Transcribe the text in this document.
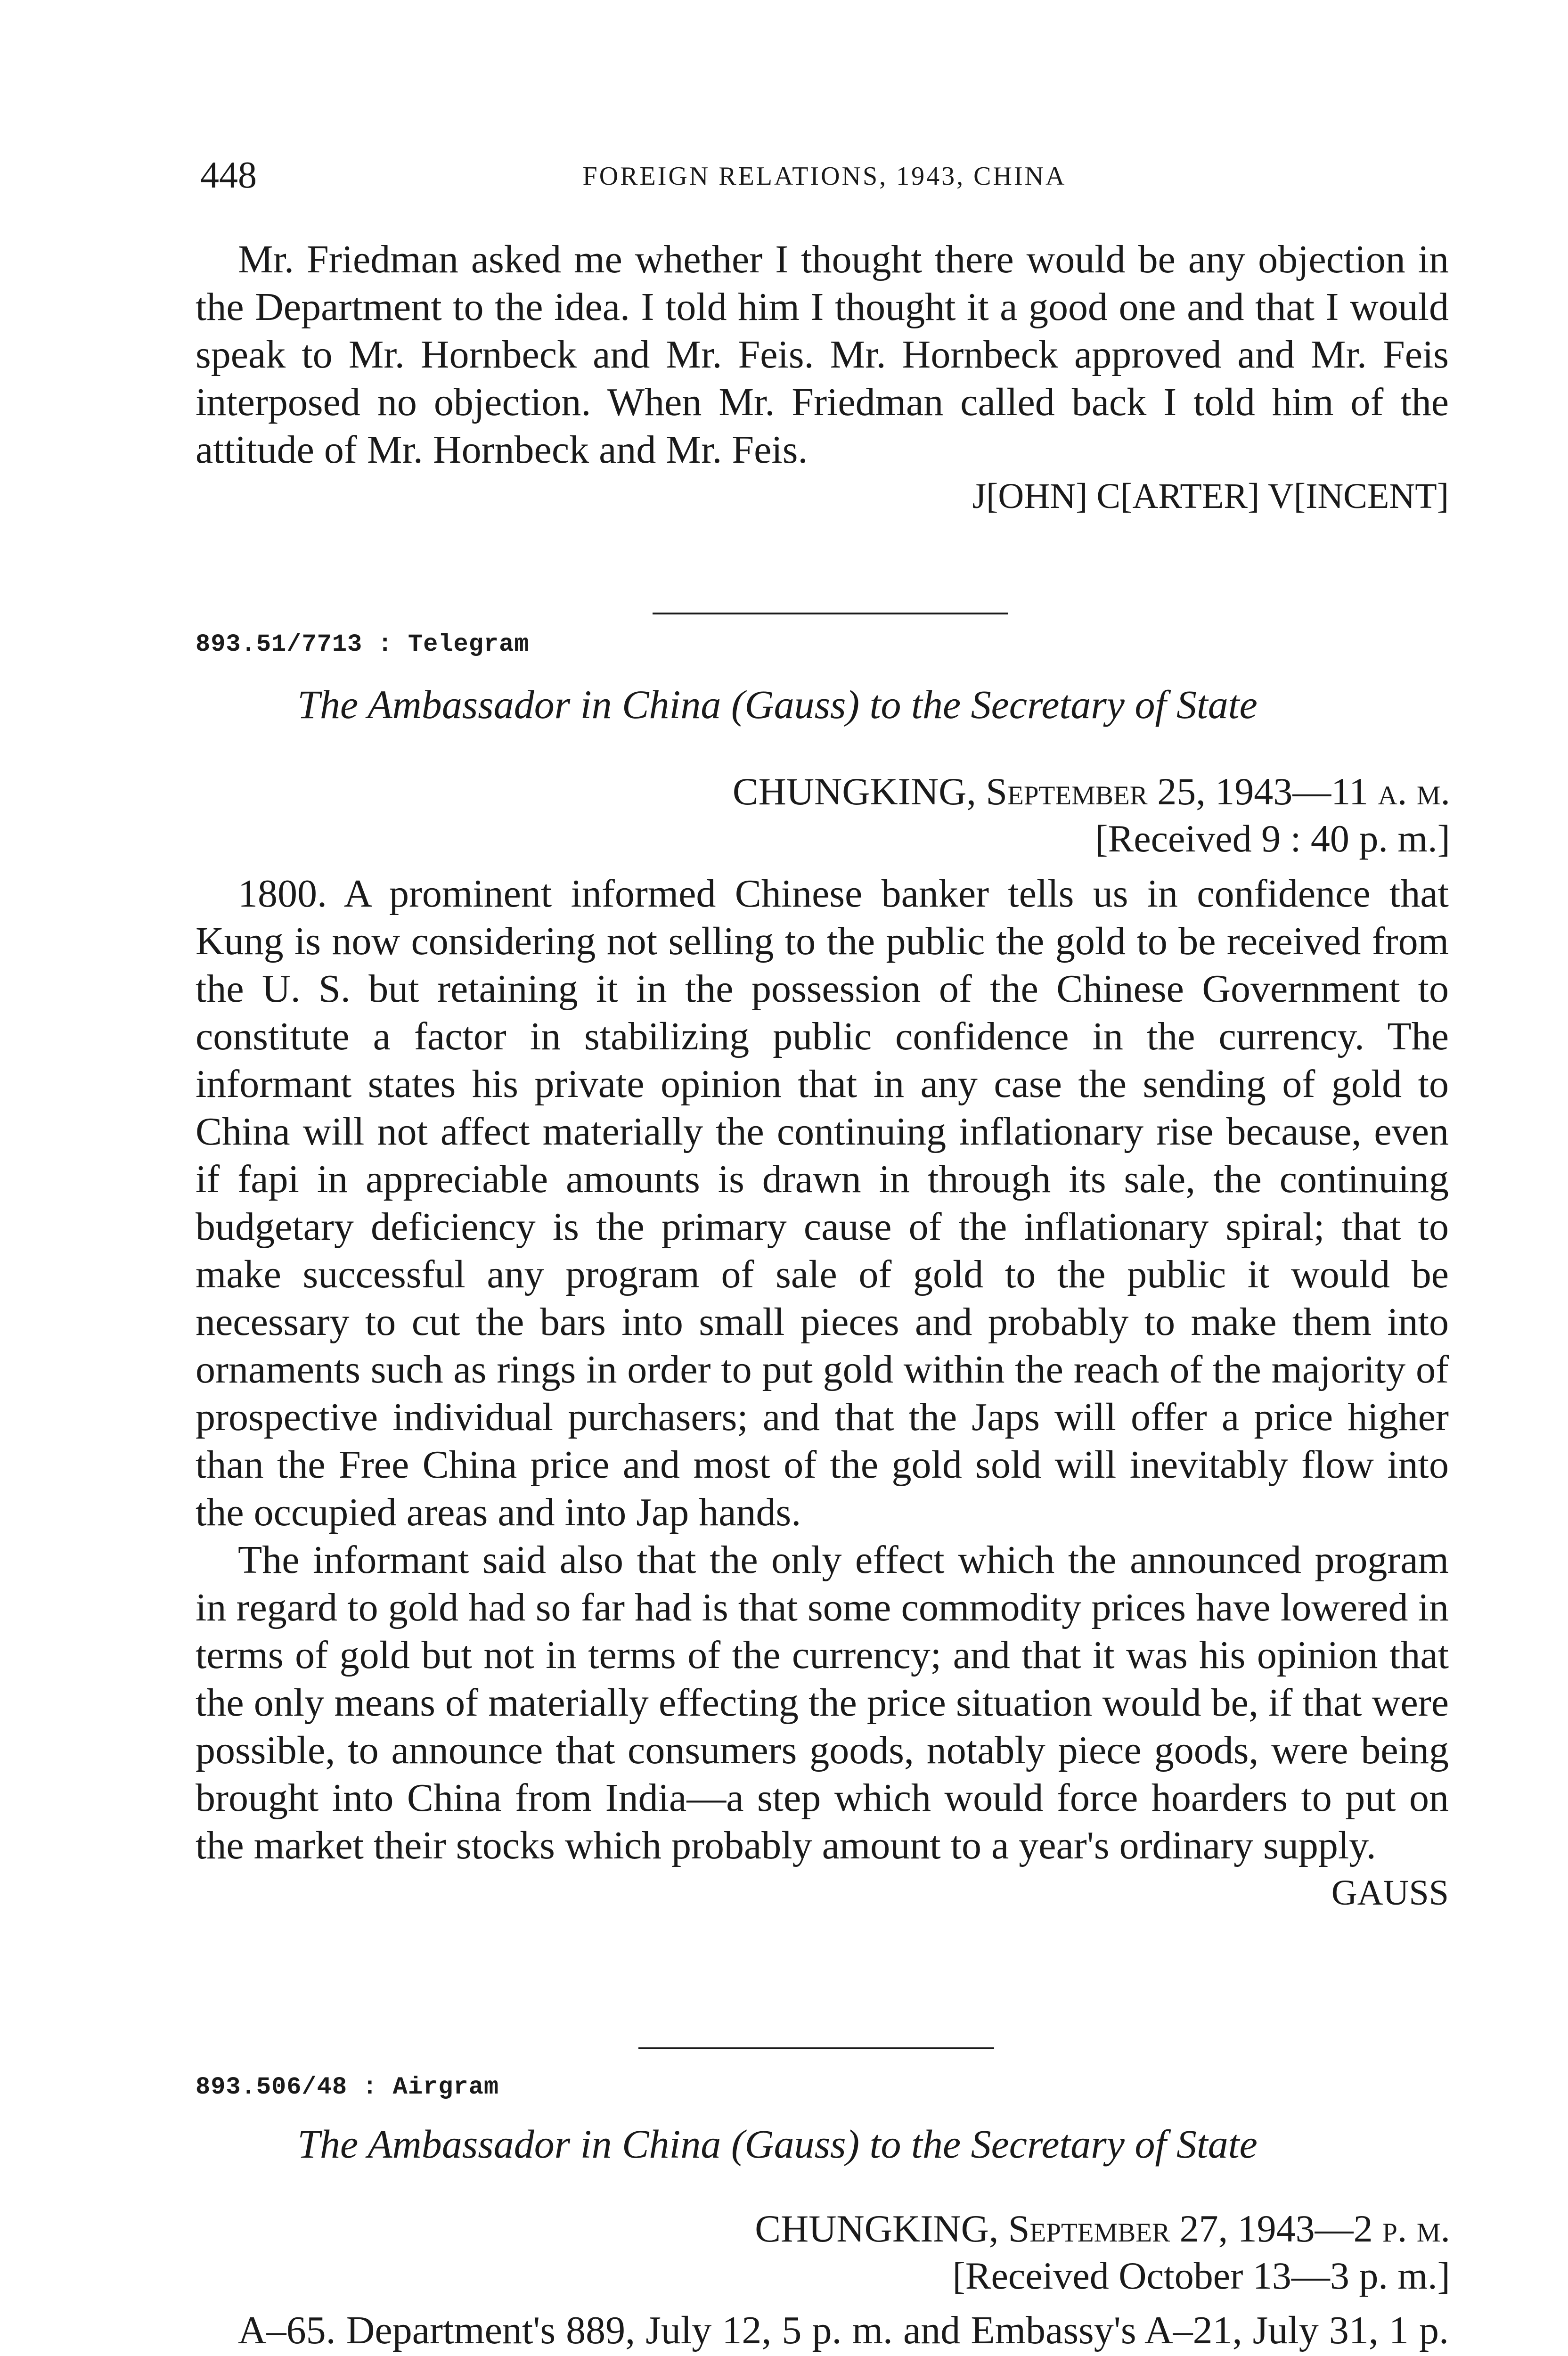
448	FOREIGN RELATIONS, 1943, CHINA

Mr. Friedman asked me whether I thought there would be any objection in the Department to the idea. I told him I thought it a good one and that I would speak to Mr. Hornbeck and Mr. Feis. Mr. Hornbeck approved and Mr. Feis interposed no objection. When Mr. Friedman called back I told him of the attitude of Mr. Hornbeck and Mr. Feis.

J[OHN] C[ARTER] V[INCENT]
893.51/7713 : Telegram
The Ambassador in China (Gauss) to the Secretary of State
CHUNGKING, September 25, 1943—11 a. m.
[Received 9 : 40 p. m.]

1800. A prominent informed Chinese banker tells us in confidence that Kung is now considering not selling to the public the gold to be received from the U. S. but retaining it in the possession of the Chinese Government to constitute a factor in stabilizing public confidence in the currency. The informant states his private opinion that in any case the sending of gold to China will not affect materially the continuing inflationary rise because, even if fapi in appreciable amounts is drawn in through its sale, the continuing budgetary deficiency is the primary cause of the inflationary spiral; that to make successful any program of sale of gold to the public it would be necessary to cut the bars into small pieces and probably to make them into ornaments such as rings in order to put gold within the reach of the majority of prospective individual purchasers; and that the Japs will offer a price higher than the Free China price and most of the gold sold will inevitably flow into the occupied areas and into Jap hands.

The informant said also that the only effect which the announced program in regard to gold had so far had is that some commodity prices have lowered in terms of gold but not in terms of the currency; and that it was his opinion that the only means of materially effecting the price situation would be, if that were possible, to announce that consumers goods, notably piece goods, were being brought into China from India—a step which would force hoarders to put on the market their stocks which probably amount to a year's ordinary supply.

GAUSS
893.506/48 : Airgram
The Ambassador in China (Gauss) to the Secretary of State
CHUNGKING, September 27, 1943—2 p. m.
[Received October 13—3 p. m.]

A–65. Department's 889, July 12, 5 p. m. and Embassy's A–21, July 31, 1 p.
